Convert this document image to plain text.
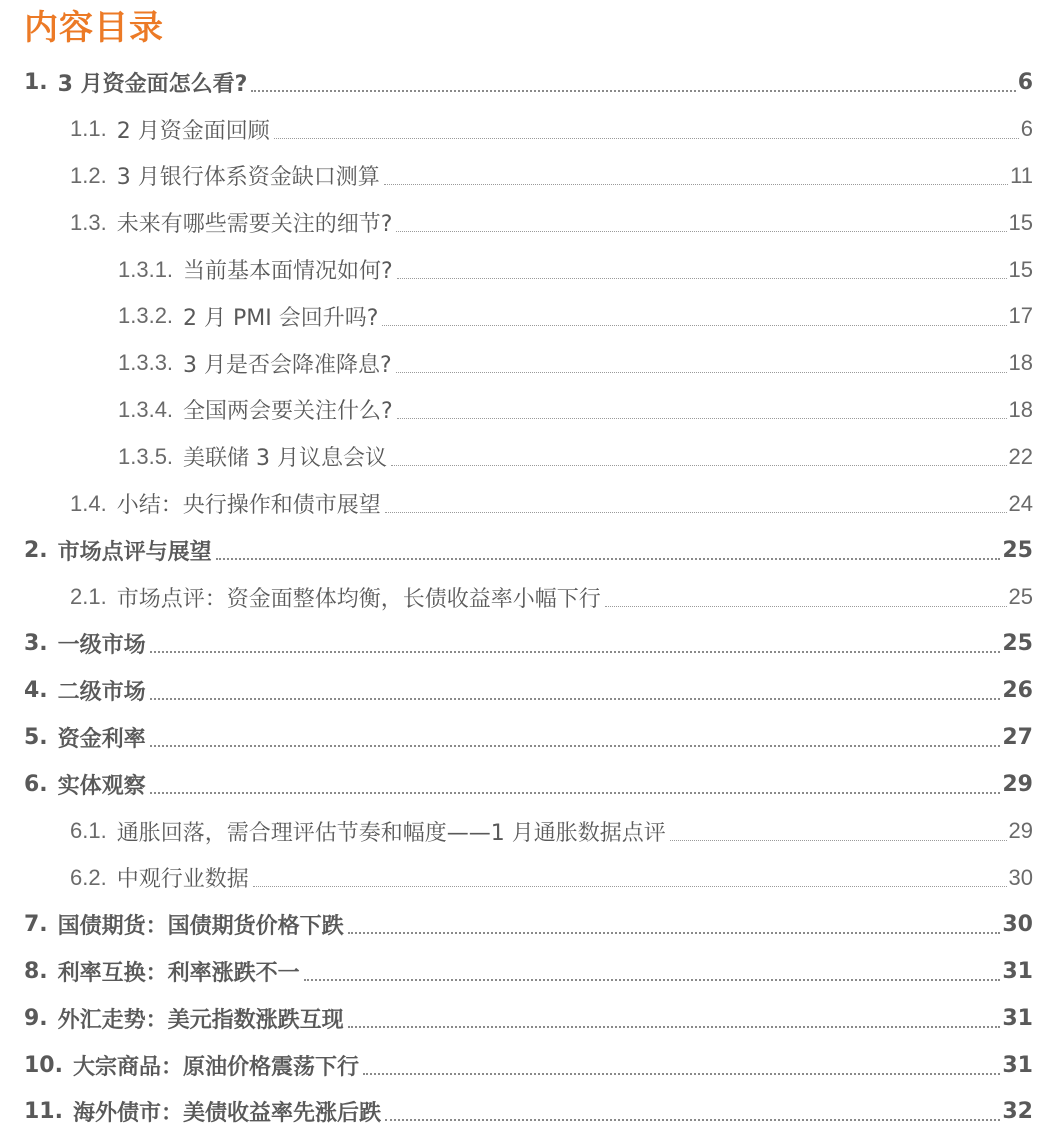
内容目录
1. 3 月资金面怎么看?	6
1.1. 2 月资金面回顾	6
1.2. 3 月银行体系资金缺口测算	11
1.3. 未来有哪些需要关注的细节?	15
1.3.1. 当前基本面情况如何?	15
1.3.2. 2 月 PMI 会回升吗?	17
1.3.3. 3 月是否会降准降息?	18
1.3.4. 全国两会要关注什么?	18
1.3.5. 美联储 3 月议息会议	22
1.4. 小结：央行操作和债市展望	24
2. 市场点评与展望	25
2.1. 市场点评：资金面整体均衡，长债收益率小幅下行	25
3. 一级市场	25
4. 二级市场	26
5. 资金利率	27
6. 实体观察	29
6.1. 通胀回落，需合理评估节奏和幅度——1 月通胀数据点评	29
6.2. 中观行业数据	30
7. 国债期货：国债期货价格下跌	30
8. 利率互换：利率涨跌不一	31
9. 外汇走势：美元指数涨跌互现	31
10. 大宗商品：原油价格震荡下行	31
11. 海外债市：美债收益率先涨后跌	32
